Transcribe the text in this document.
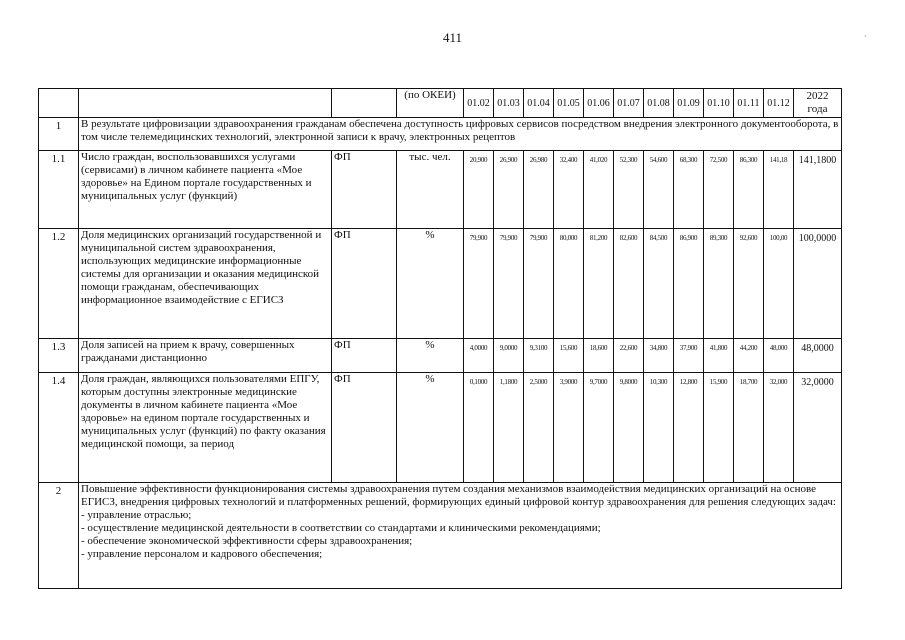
411	`
			(по ОКЕИ)	01.02	01.03	01.04	01.05	01.06	01.07	01.08	01.09	01.10	01.11	01.12	2022
года
1	В результате цифровизации здравоохранения гражданам обеспечена доступность цифровых сервисов посредством внедрения электронного документооборота, в том числе телемедицинских технологий, электронной записи к врачу, электронных рецептов														
1.1	Число граждан, воспользовавшихся услугами (сервисами) в личном кабинете пациента «Мое здоровье» на Едином портале государственных и муниципальных услуг (функций)	ФП	тыс. чел.	20,900	26,900	26,980	32,400	41,020	52,300	54,600	68,300	72,500	86,300	141,18	141,1800
1.2	Доля медицинских организаций государственной и муниципальной систем здравоохранения, использующих медицинские информационные системы для организации и оказания медицинской помощи гражданам, обеспечивающих информационное взаимодействие с ЕГИСЗ	ФП	%	79,900	79,900	79,900	80,000	81,200	82,600	84,500	86,900	89,300	92,600	100,00	100,0000
1.3	Доля записей на прием к врачу, совершенных гражданами дистанционно	ФП	%	4,0000	9,0000	9,3100	15,600	18,600	22,600	34,800	37,900	41,800	44,200	48,000	48,0000
1.4	Доля граждан, являющихся пользователями ЕПГУ, которым доступны электронные медицинские документы в личном кабинете пациента «Мое здоровье» на едином портале государственных и муниципальных услуг (функций) по факту оказания медицинской помощи, за период	ФП	%	0,1000	1,1800	2,5000	3,9000	9,7000	9,8000	10,300	12,800	15,900	18,700	32,000	32,0000
2	Повышение эффективности функционирования системы здравоохранения путем создания механизмов взаимодействия медицинских организаций на основе ЕГИСЗ, внедрения цифровых технологий и платформенных решений, формирующих единый цифровой контур здравоохранения для решения следующих задач:
- управление отраслью;
- осуществление медицинской деятельности в соответствии со стандартами и клиническими рекомендациями;
- обеспечение экономической эффективности сферы здравоохранения;
- управление персоналом и кадрового обеспечения;														
